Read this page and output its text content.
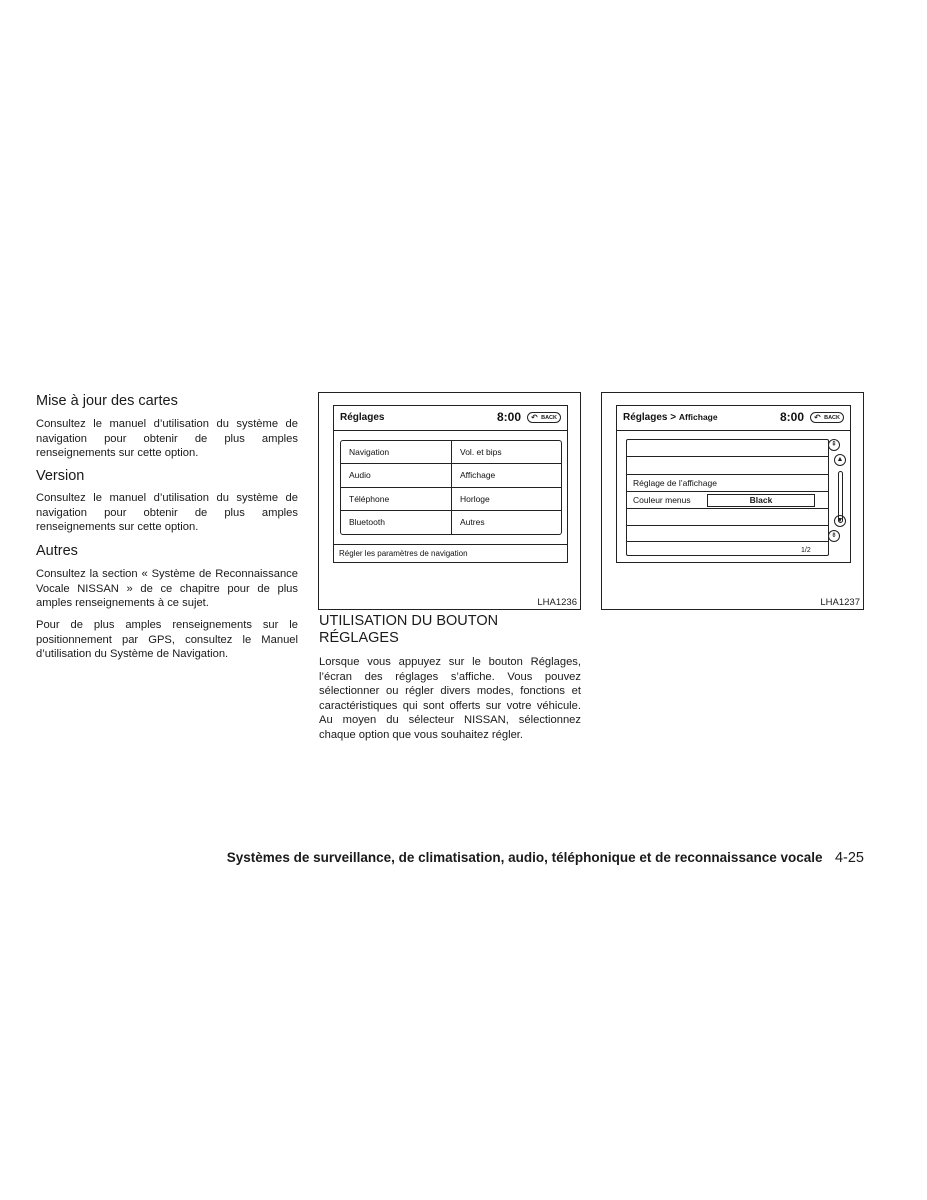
Mise à jour des cartes

Consultez le manuel d’utilisation du système de navigation pour obtenir de plus amples renseignements sur cette option.

Version

Consultez le manuel d’utilisation du système de navigation pour obtenir de plus amples renseignements sur cette option.

Autres

Consultez la section « Système de Reconnaissance Vocale NISSAN » de ce chapitre pour de plus amples renseignements à ce sujet.

Pour de plus amples renseignements sur le positionnement par GPS, consultez le Manuel d’utilisation du Système de Navigation.

Réglages	8:00 ↶ BACK
Navigation
Audio
Téléphone
Bluetooth
Vol. et bips
Affichage
Horloge
Autres
Régler les paramètres de navigation
LHA1236
Réglages > Affichage	8:00 ↶ BACK
Réglage de l’affichage
Couleur menus	Black
⇞
▲
▼
⇟
1/2
LHA1237
UTILISATION DU BOUTON
RÉGLAGES

Lorsque vous appuyez sur le bouton Réglages, l’écran des réglages s’affiche. Vous pouvez sélectionner ou régler divers modes, fonctions et caractéristiques qui sont offerts sur votre véhicule. Au moyen du sélecteur NISSAN, sélectionnez chaque option que vous souhaitez régler.

Systèmes de surveillance, de climatisation, audio, téléphonique et de reconnaissance vocale 4-25
